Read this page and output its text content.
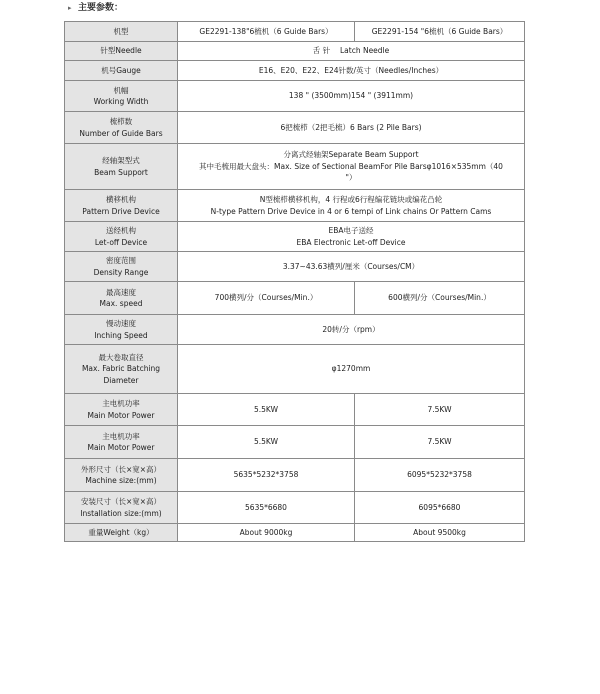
▸ 主要参数：
机型	GE2291-138"6梳机（6 Guide Bars）	GE2291-154 "6梳机（6 Guide Bars）
针型Needle	舌 针 　Latch Needle	
机号Gauge	E16、E20、E22、E24针数/英寸（Needles/Inches）	

机幅
Working Width	138 " (3500mm)154 " (3911mm)	

梳栉数
Number of Guide Bars	6把梳栉（2把毛梳）6 Bars (2 Pile Bars)	

经轴架型式
Beam Support	分离式经轴架Separate Beam Support
其中毛梳用最大盘头：Max. Size of Sectional BeamFor Pile Barsφ1016×535mm（40
"）	

横移机构
Pattern Drive Device	N型梳栉横移机构，4 行程或6行程编花链块或编花凸轮
N-type Pattern Drive Device in 4 or 6 tempi of Link chains Or Pattern Cams	

送经机构
Let-off Device	EBA电子送经
EBA Electronic Let-off Device	

密度范围
Density Range	3.37~43.63横列/厘米（Courses/CM）	

最高速度
Max. speed	700横列/分（Courses/Min.）	600横列/分（Courses/Min.）

慢动速度
Inching Speed	20转/分（rpm）	

最大卷取直径
Max. Fabric Batching
Diameter	φ1270mm	

主电机功率
Main Motor Power	5.5KW	7.5KW

主电机功率
Main Motor Power	5.5KW	7.5KW

外形尺寸（长×宽×高）
Machine size:(mm)	5635*5232*3758	6095*5232*3758

安装尺寸（长×宽×高）
Installation size:(mm)	5635*6680	6095*6680
重量Weight（kg）	About 9000kg	About 9500kg
